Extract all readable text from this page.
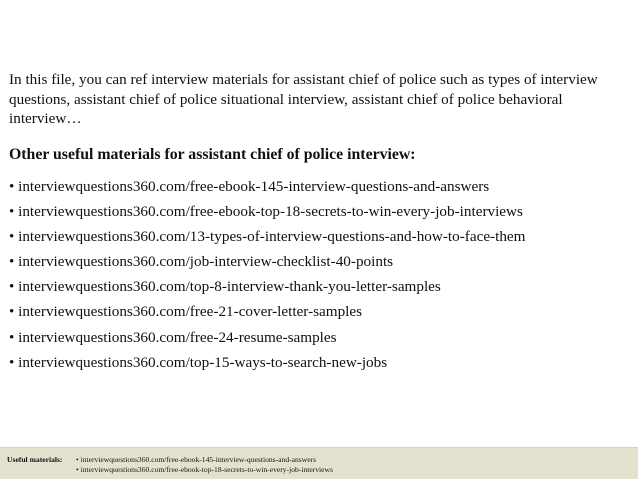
In this file, you can ref interview materials for assistant chief of police such as types of interview questions, assistant chief of police situational interview, assistant chief of police behavioral interview…

Other useful materials for assistant chief of police interview:

• interviewquestions360.com/free-ebook-145-interview-questions-and-answers
• interviewquestions360.com/free-ebook-top-18-secrets-to-win-every-job-interviews
• interviewquestions360.com/13-types-of-interview-questions-and-how-to-face-them
• interviewquestions360.com/job-interview-checklist-40-points
• interviewquestions360.com/top-8-interview-thank-you-letter-samples
• interviewquestions360.com/free-21-cover-letter-samples
• interviewquestions360.com/free-24-resume-samples
• interviewquestions360.com/top-15-ways-to-search-new-jobs
Useful materials: • interviewquestions360.com/free-ebook-145-interview-questions-and-answers
• interviewquestions360.com/free-ebook-top-18-secrets-to-win-every-job-interviews
